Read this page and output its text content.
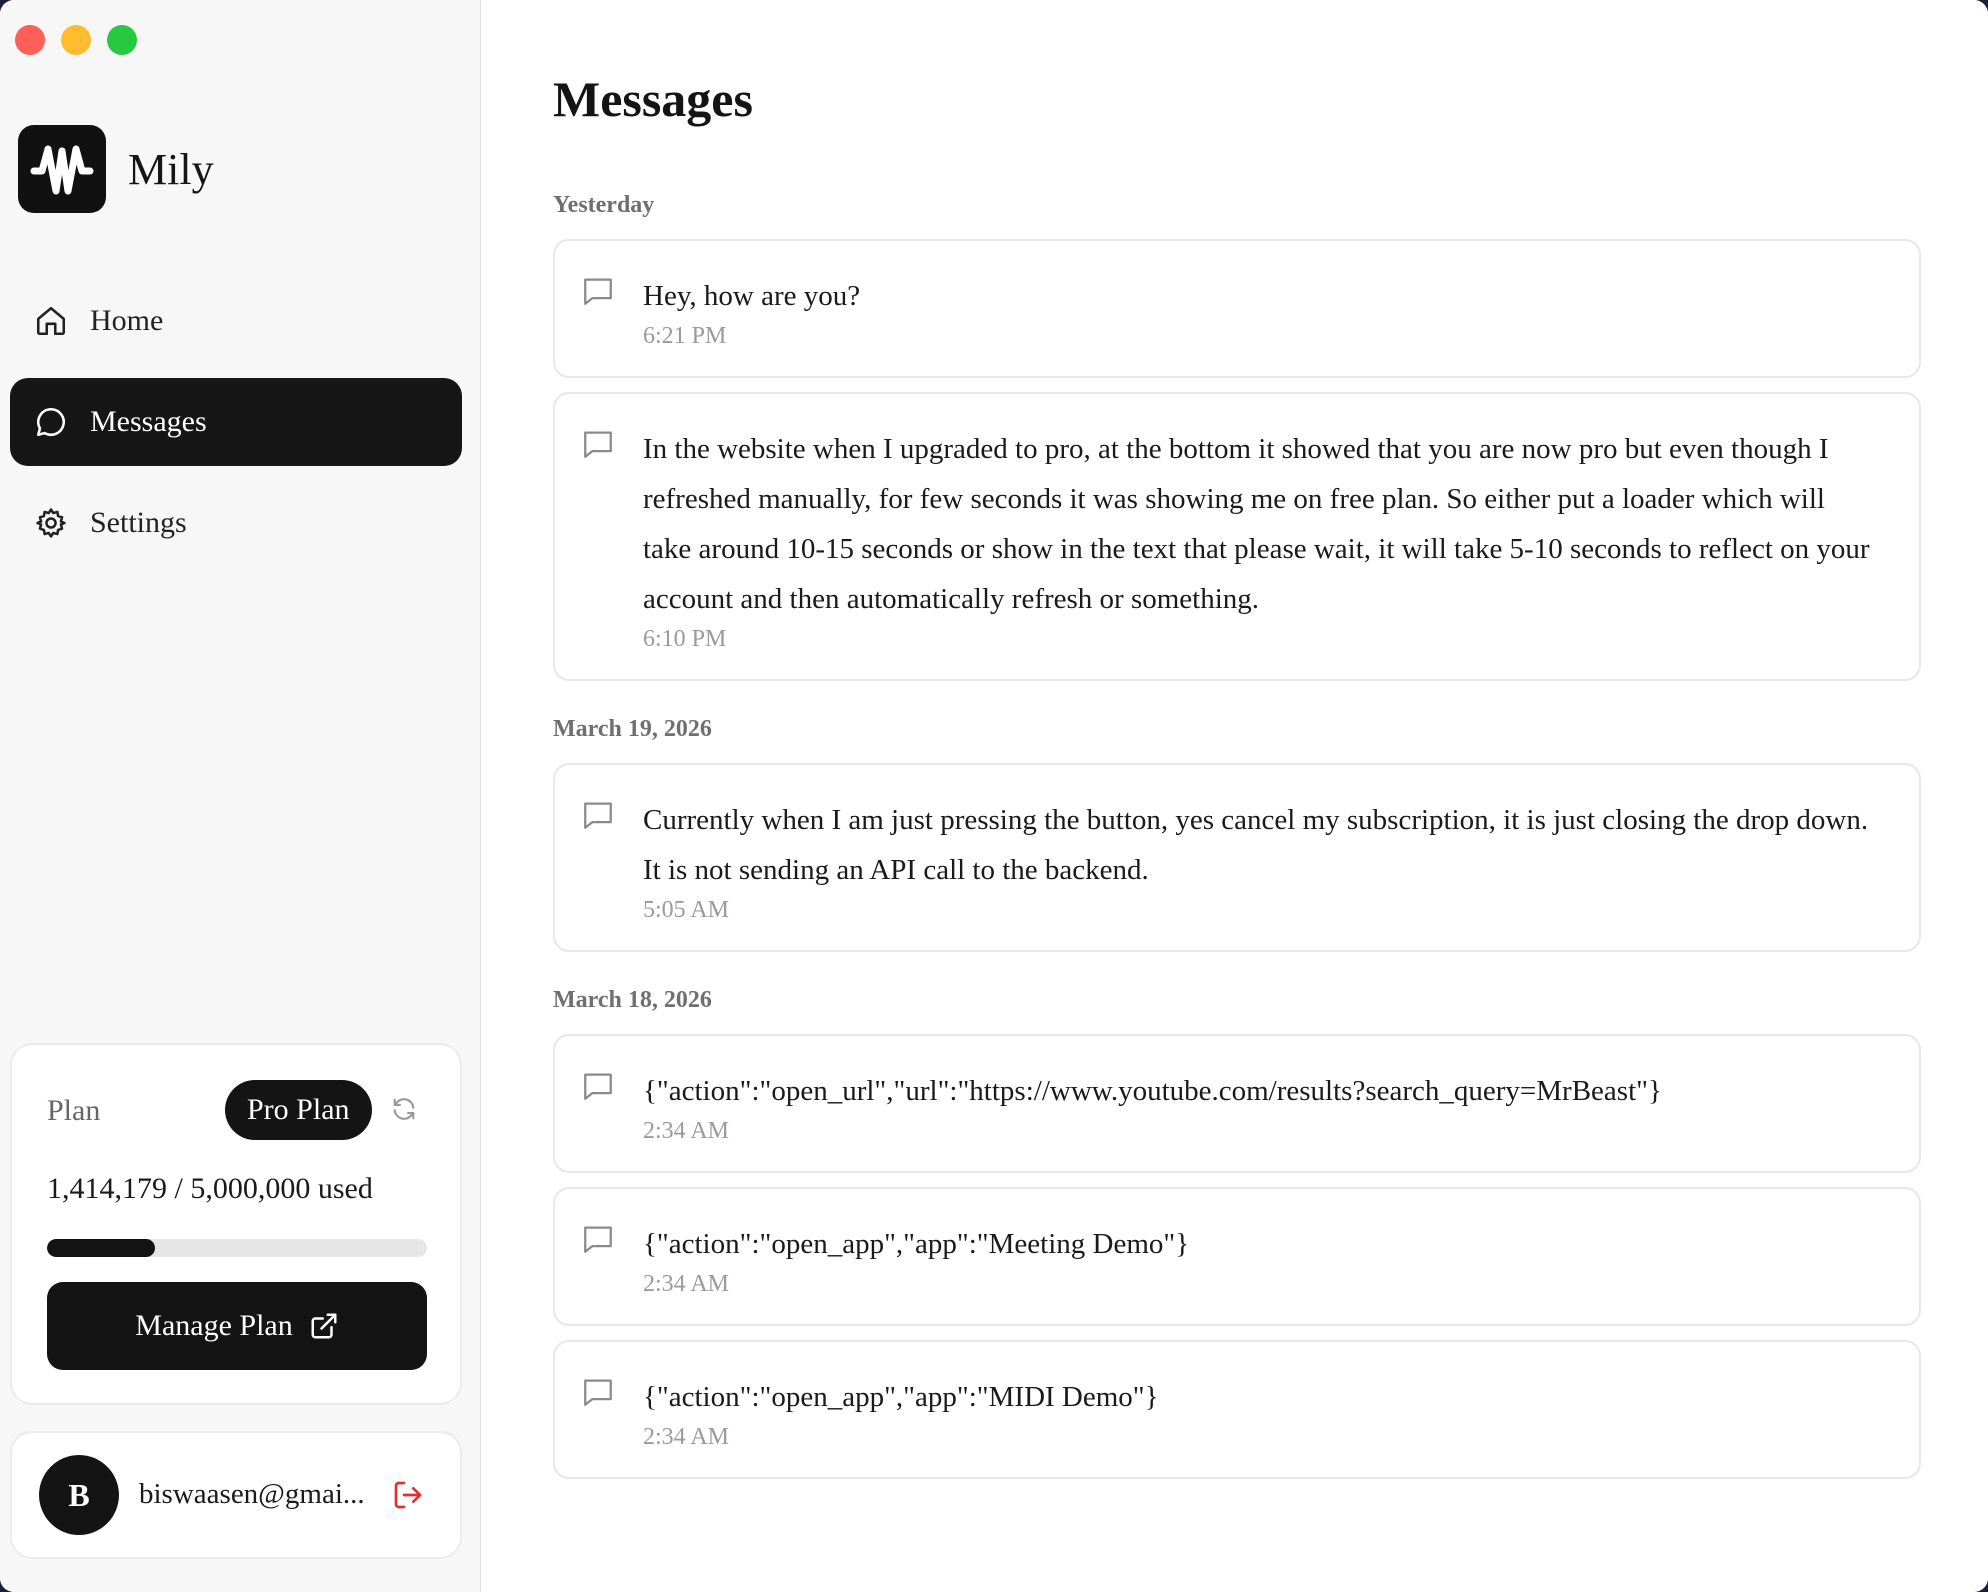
Mily
Home
Messages
Settings
Plan	Pro Plan
1,414,179 / 5,000,000 used
Manage Plan
B	biswaasen@gmai...
Messages
Yesterday
Hey, how are you?
6:21 PM
In the website when I upgraded to pro, at the bottom it showed that you are now pro but even though I refreshed manually, for few seconds it was showing me on free plan. So either put a loader which will take around 10-15 seconds or show in the text that please wait, it will take 5-10 seconds to reflect on your account and then automatically refresh or something.
6:10 PM
March 19, 2026
Currently when I am just pressing the button, yes cancel my subscription, it is just closing the drop down. It is not sending an API call to the backend.
5:05 AM
March 18, 2026
{"action":"open_url","url":"https://www.youtube.com/results?search_query=MrBeast"}
2:34 AM
{"action":"open_app","app":"Meeting Demo"}
2:34 AM
{"action":"open_app","app":"MIDI Demo"}
2:34 AM
